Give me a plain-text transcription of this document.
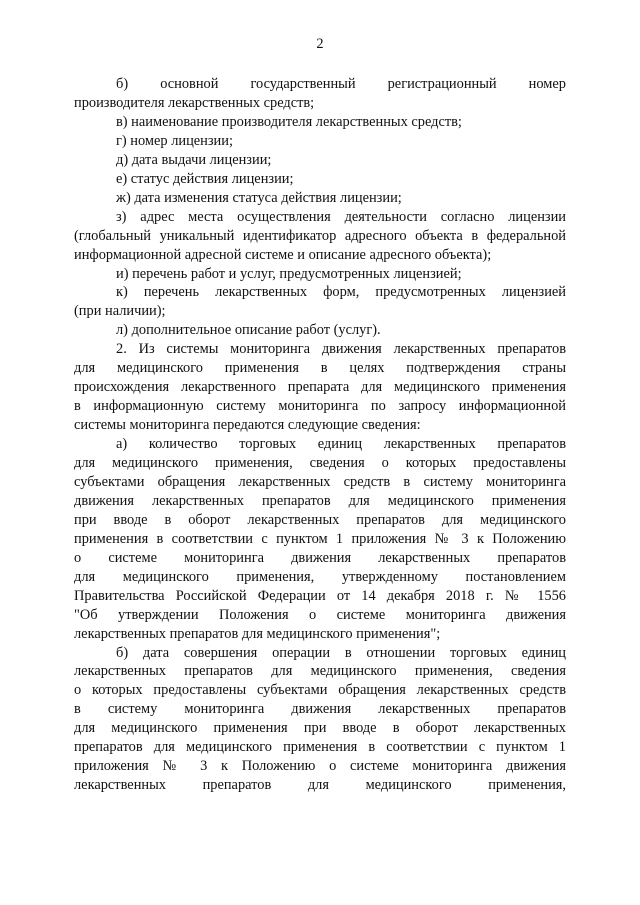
2
б) основной государственный регистрационный номер
производителя лекарственных средств;
в) наименование производителя лекарственных средств;
г) номер лицензии;
д) дата выдачи лицензии;
е) статус действия лицензии;
ж) дата изменения статуса действия лицензии;
з) адрес места осуществления деятельности согласно лицензии
(глобальный уникальный идентификатор адресного объекта в федеральной
информационной адресной системе и описание адресного объекта);
и) перечень работ и услуг, предусмотренных лицензией;
к) перечень лекарственных форм, предусмотренных лицензией
(при наличии);
л) дополнительное описание работ (услуг).
2. Из системы мониторинга движения лекарственных препаратов
для медицинского применения в целях подтверждения страны
происхождения лекарственного препарата для медицинского применения
в информационную систему мониторинга по запросу информационной
системы мониторинга передаются следующие сведения:
а) количество торговых единиц лекарственных препаратов
для медицинского применения, сведения о которых предоставлены
субъектами обращения лекарственных средств в систему мониторинга
движения лекарственных препаратов для медицинского применения
при вводе в оборот лекарственных препаратов для медицинского
применения в соответствии с пунктом 1 приложения № 3 к Положению
о системе мониторинга движения лекарственных препаратов
для медицинского применения, утвержденному постановлением
Правительства Российской Федерации от 14 декабря 2018 г. № 1556
"Об утверждении Положения о системе мониторинга движения
лекарственных препаратов для медицинского применения";
б) дата совершения операции в отношении торговых единиц
лекарственных препаратов для медицинского применения, сведения
о которых предоставлены субъектами обращения лекарственных средств
в систему мониторинга движения лекарственных препаратов
для медицинского применения при вводе в оборот лекарственных
препаратов для медицинского применения в соответствии с пунктом 1
приложения № 3 к Положению о системе мониторинга движения
лекарственных препаратов для медицинского применения,
